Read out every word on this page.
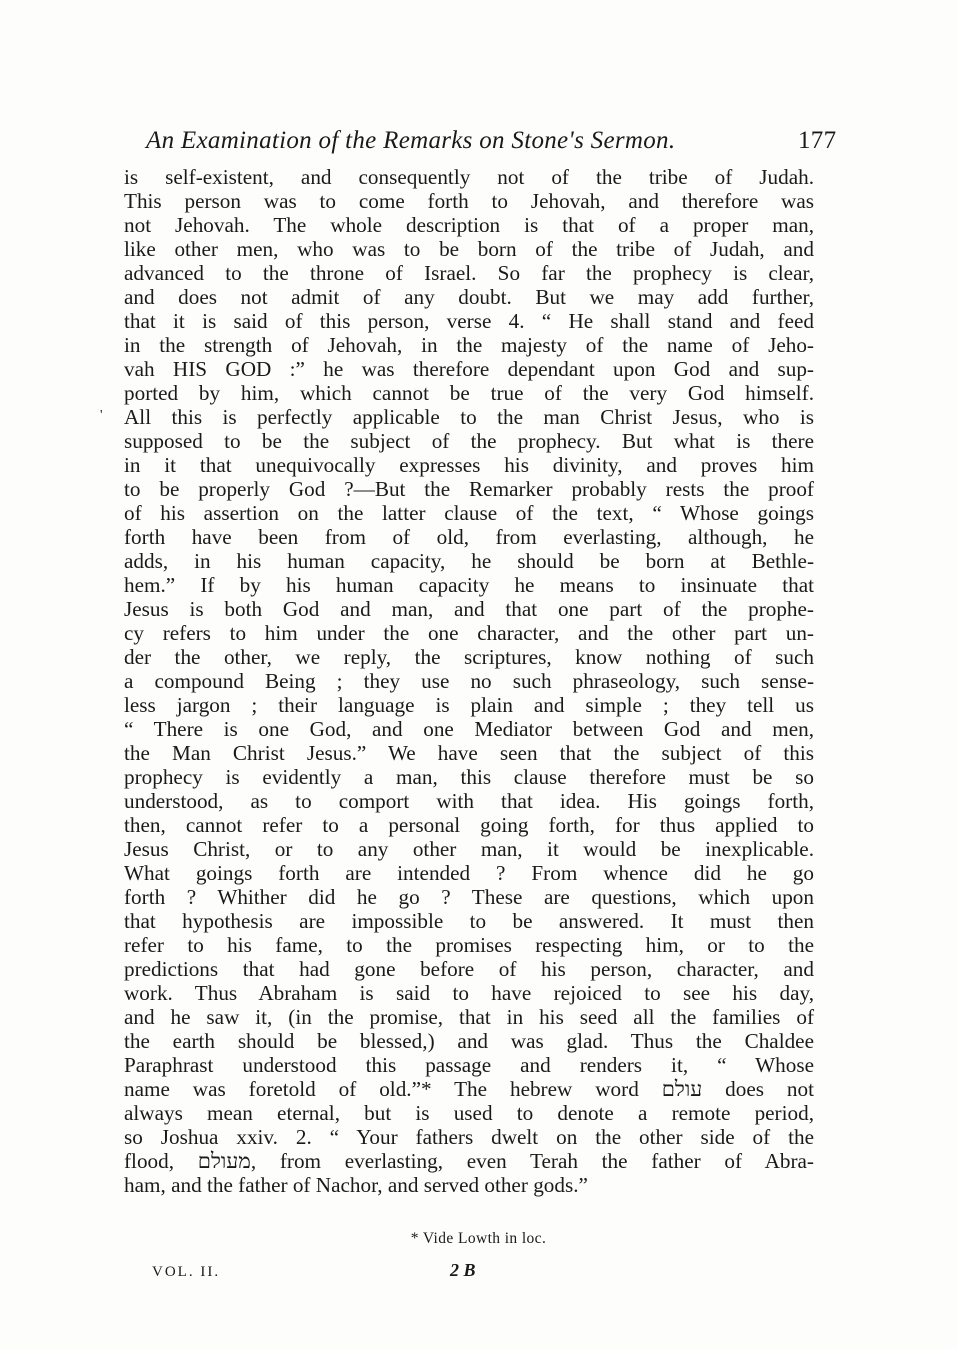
An Examination of the Remarks on Stone's Sermon.	177
'
is self-existent, and consequently not of the tribe of Judah.
This person was to come forth to Jehovah, and therefore was
not Jehovah. The whole description is that of a proper man,
like other men, who was to be born of the tribe of Judah, and
advanced to the throne of Israel. So far the prophecy is clear,
and does not admit of any doubt. But we may add further,
that it is said of this person, verse 4. “ He shall stand and feed
in the strength of Jehovah, in the majesty of the name of Jeho-
vah HIS GOD :” he was therefore dependant upon God and sup-
ported by him, which cannot be true of the very God himself.
All this is perfectly applicable to the man Christ Jesus, who is
supposed to be the subject of the prophecy. But what is there
in it that unequivocally expresses his divinity, and proves him
to be properly God ?—But the Remarker probably rests the proof
of his assertion on the latter clause of the text, “ Whose goings
forth have been from of old, from everlasting, although, he
adds, in his human capacity, he should be born at Bethle-
hem.” If by his human capacity he means to insinuate that
Jesus is both God and man, and that one part of the prophe-
cy refers to him under the one character, and the other part un-
der the other, we reply, the scriptures, know nothing of such
a compound Being ; they use no such phraseology, such sense-
less jargon ; their language is plain and simple ; they tell us
“ There is one God, and one Mediator between God and men,
the Man Christ Jesus.” We have seen that the subject of this
prophecy is evidently a man, this clause therefore must be so
understood, as to comport with that idea. His goings forth,
then, cannot refer to a personal going forth, for thus applied to
Jesus Christ, or to any other man, it would be inexplicable.
What goings forth are intended ? From whence did he go
forth ? Whither did he go ? These are questions, which upon
that hypothesis are impossible to be answered. It must then
refer to his fame, to the promises respecting him, or to the
predictions that had gone before of his person, character, and
work. Thus Abraham is said to have rejoiced to see his day,
and he saw it, (in the promise, that in his seed all the families of
the earth should be blessed,) and was glad. Thus the Chaldee
Paraphrast understood this passage and renders it, “ Whose
name was foretold of old.”* The hebrew word עולם does not
always mean eternal, but is used to denote a remote period,
so Joshua xxiv. 2. “ Your fathers dwelt on the other side of the
flood, מעולם, from everlasting, even Terah the father of Abra-
ham, and the father of Nachor, and served other gods.”
* Vide Lowth in loc.
VOL. II.	2 B
